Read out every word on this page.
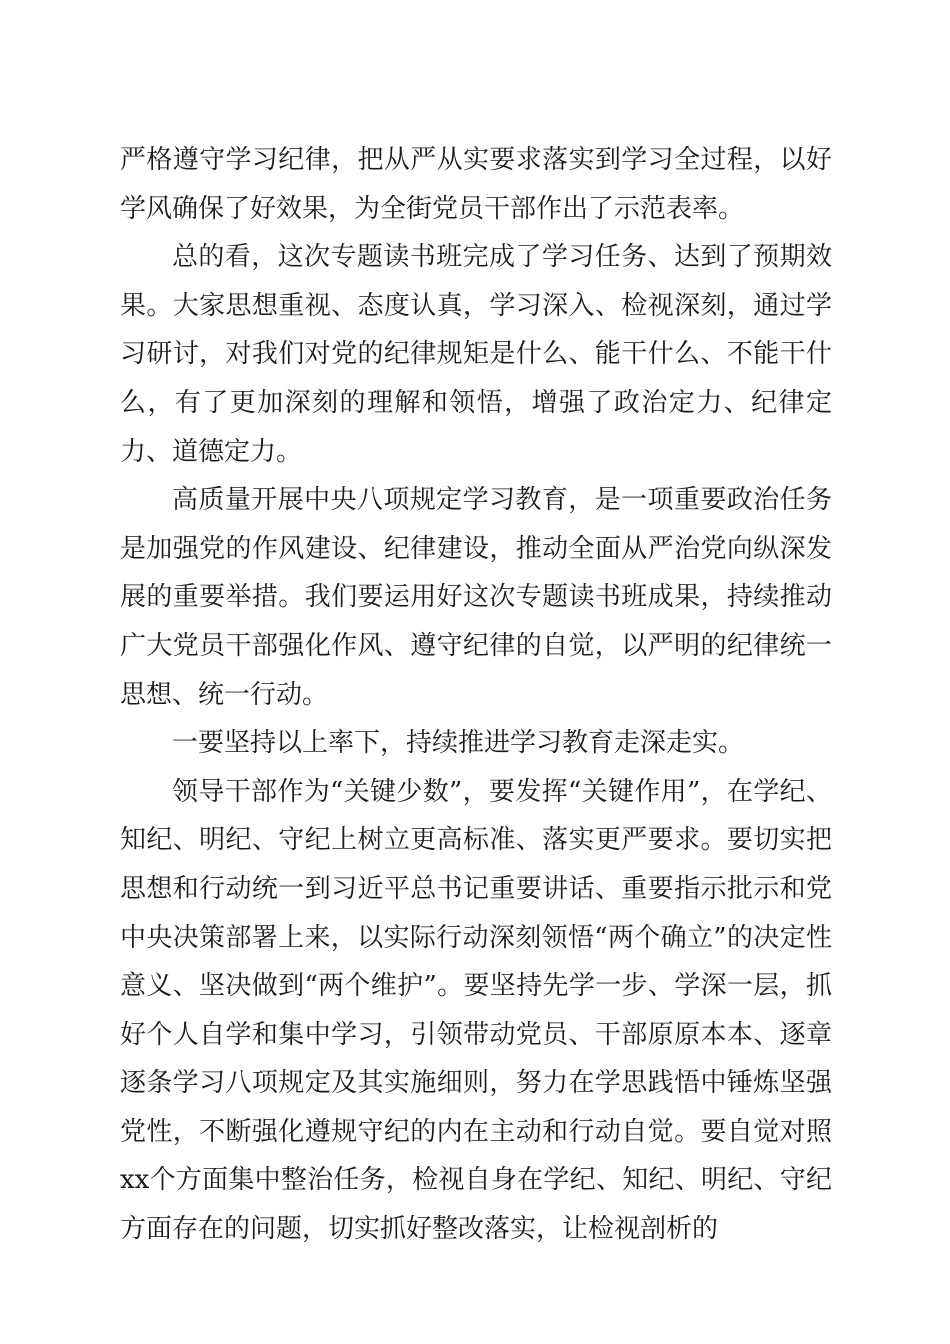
严格遵守学习纪律，把从严从实要求落实到学习全过程，以好学风确保了好效果，为全街党员干部作出了示范表率。

总的看，这次专题读书班完成了学习任务、达到了预期效果。大家思想重视、态度认真，学习深入、检视深刻，通过学习研讨，对我们对党的纪律规矩是什么、能干什么、不能干什么，有了更加深刻的理解和领悟，增强了政治定力、纪律定力、道德定力。

高质量开展中央八项规定学习教育，是一项重要政治任务是加强党的作风建设、纪律建设，推动全面从严治党向纵深发展的重要举措。我们要运用好这次专题读书班成果，持续推动广大党员干部强化作风、遵守纪律的自觉，以严明的纪律统一思想、统一行动。

一要坚持以上率下，持续推进学习教育走深走实。

领导干部作为“关键少数”，要发挥“关键作用”，在学纪、知纪、明纪、守纪上树立更高标准、落实更严要求。要切实把思想和行动统一到习近平总书记重要讲话、重要指示批示和党中央决策部署上来，以实际行动深刻领悟“两个确立”的决定性意义、坚决做到“两个维护”。要坚持先学一步、学深一层，抓好个人自学和集中学习，引领带动党员、干部原原本本、逐章逐条学习八项规定及其实施细则，努力在学思践悟中锤炼坚强党性，不断强化遵规守纪的内在主动和行动自觉。要自觉对照xx个方面集中整治任务，检视自身在学纪、知纪、明纪、守纪方面存在的问题，切实抓好整改落实，让检视剖析的
